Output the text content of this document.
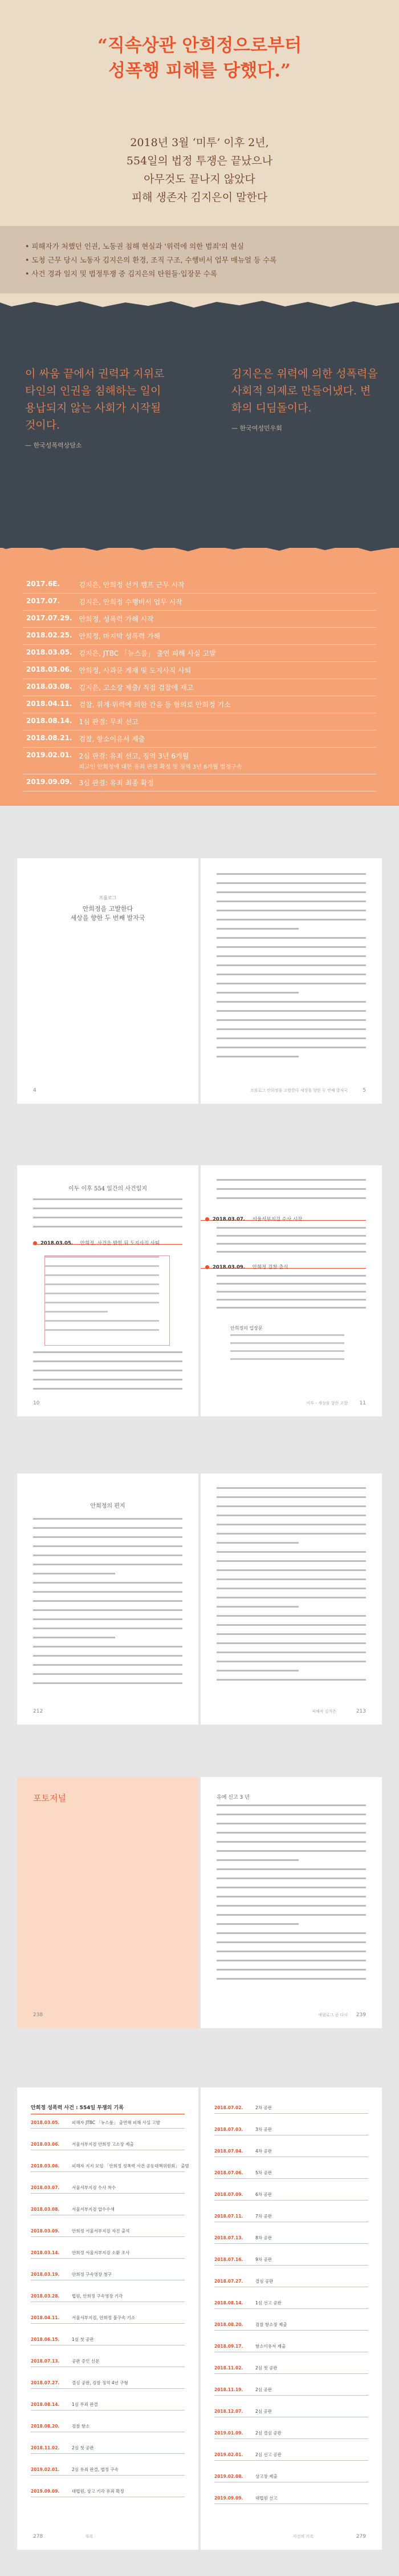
“직속상관 안희정으로부터
성폭행 피해를 당했다.”
2018년 3월 ‘미투’ 이후 2년,
554일의 법정 투쟁은 끝났으나
아무것도 끝나지 않았다
피해 생존자 김지은이 말한다
• 피해자가 처했던 인권, 노동권 침해 현실과 '위력에 의한 범죄'의 현실
• 도청 근무 당시 노동자 김지은의 환경, 조직 구조, 수행비서 업무 매뉴얼 등 수록
• 사건 경과 일지 및 법정투쟁 중 김지은의 탄원들·입장문 수록
이 싸움 끝에서 권력과 지위로 타인의 인권을 침해하는 일이 용납되지 않는 사회가 시작될 것이다.
— 한국성폭력상담소
김지은은 위력에 의한 성폭력을 사회적 의제로 만들어냈다. 변화의 디딤돌이다.
— 한국여성민우회
2017.6E.	김지은, 안희정 선거 캠프 근무 시작
2017.07.	김지은, 안희정 수행비서 업무 시작
2017.07.29.	안희정, 성폭력 가해 시작
2018.02.25.	안희정, 마지막 성폭력 가해
2018.03.05.	김지은, JTBC 「뉴스룸」 출연 피해 사실 고발
2018.03.06.	안희정, 사과문 게재 및 도지사직 사퇴
2018.03.08.	김지은, 고소장 제출/ 직접 검찰에 재고
2018.04.11.	검찰, 위계·위력에 의한 간음 등 혐의로 안희정 기소
2018.08.14.	1심 판결: 무죄 선고
2018.08.21.	검찰, 항소이유서 제출
2019.02.01.	2심 판결: 유죄 선고, 징역 3년 6개월
피고인 안희정에 대한 유죄 판결 확정 및 징역 3년 6개월 법정구속

2019.09.09.	3심 판결: 유죄 최종 확정
프롤로그
안희정을 고발한다
세상을 향한 두 번째 발자국
4	프롤로그 안희정을 고발한다 세상을 향한 두 번째 발자국	5
이두 이후 554 일간의 사건일지
2018.03.05. 안희정, 사건을 밝힌 뒤 도지사직 사퇴
10
2018.03.07. 서울서부지검 수사 시작
2018.03.09. 안희정 검찰 출석
안희정의 입장문
미투 - 세상을 향한 고발 11
안희정의 편지
212	피해자 김지은	213
포토저널
238
유에 신고 3 년
에필로그 곧 다시 239
안희정 성폭력 사건 : 554일 투쟁의 기록
2018.03.05.	피해자 JTBC 「뉴스룸」 출연해 피해 사실 고발
2018.03.06.	서울서부지검 안희정 고소장 제출
2018.03.06.	피해자 지지 모임 「안희정 성폭력 사건 공동대책위원회」 출범
2018.03.07.	서울서부지검 수사 착수
2018.03.08.	서울서부지검 압수수색
2018.03.09.	안희정 서울서부지검 자진 출석
2018.03.14.	안희정 서울서부지검 소환 조사
2018.03.19.	안희정 구속영장 청구
2018.03.28.	법원, 안희정 구속영장 기각
2018.04.11.	서울서부지검, 안희정 불구속 기소
2018.06.15.	1심 첫 공판
2018.07.13.	공판 증인 신문
2018.07.27.	결심 공판, 검찰 징역 4년 구형
2018.08.14.	1심 무죄 판결
2018.08.20.	검찰 항소
2018.11.02.	2심 첫 공판
2019.02.01.	2심 유죄 판결, 법정 구속
2019.09.09.	대법원, 상고 기각 유죄 확정
부록
278
2018.07.02.	2차 공판
2018.07.03.	3차 공판
2018.07.04.	4차 공판
2018.07.06.	5차 공판
2018.07.09.	6차 공판
2018.07.11.	7차 공판
2018.07.13.	8차 공판
2018.07.16.	9차 공판
2018.07.27.	결심 공판
2018.08.14.	1심 선고 공판
2018.08.20.	검찰 항소장 제출
2018.09.17.	항소이유서 제출
2018.11.02.	2심 첫 공판
2018.11.19.	2심 공판
2018.12.07.	2심 공판
2019.01.09.	2심 결심 공판
2019.02.01.	2심 선고 공판
2019.02.08.	상고장 제출
2019.09.09.	대법원 선고
사건의 기록	279
